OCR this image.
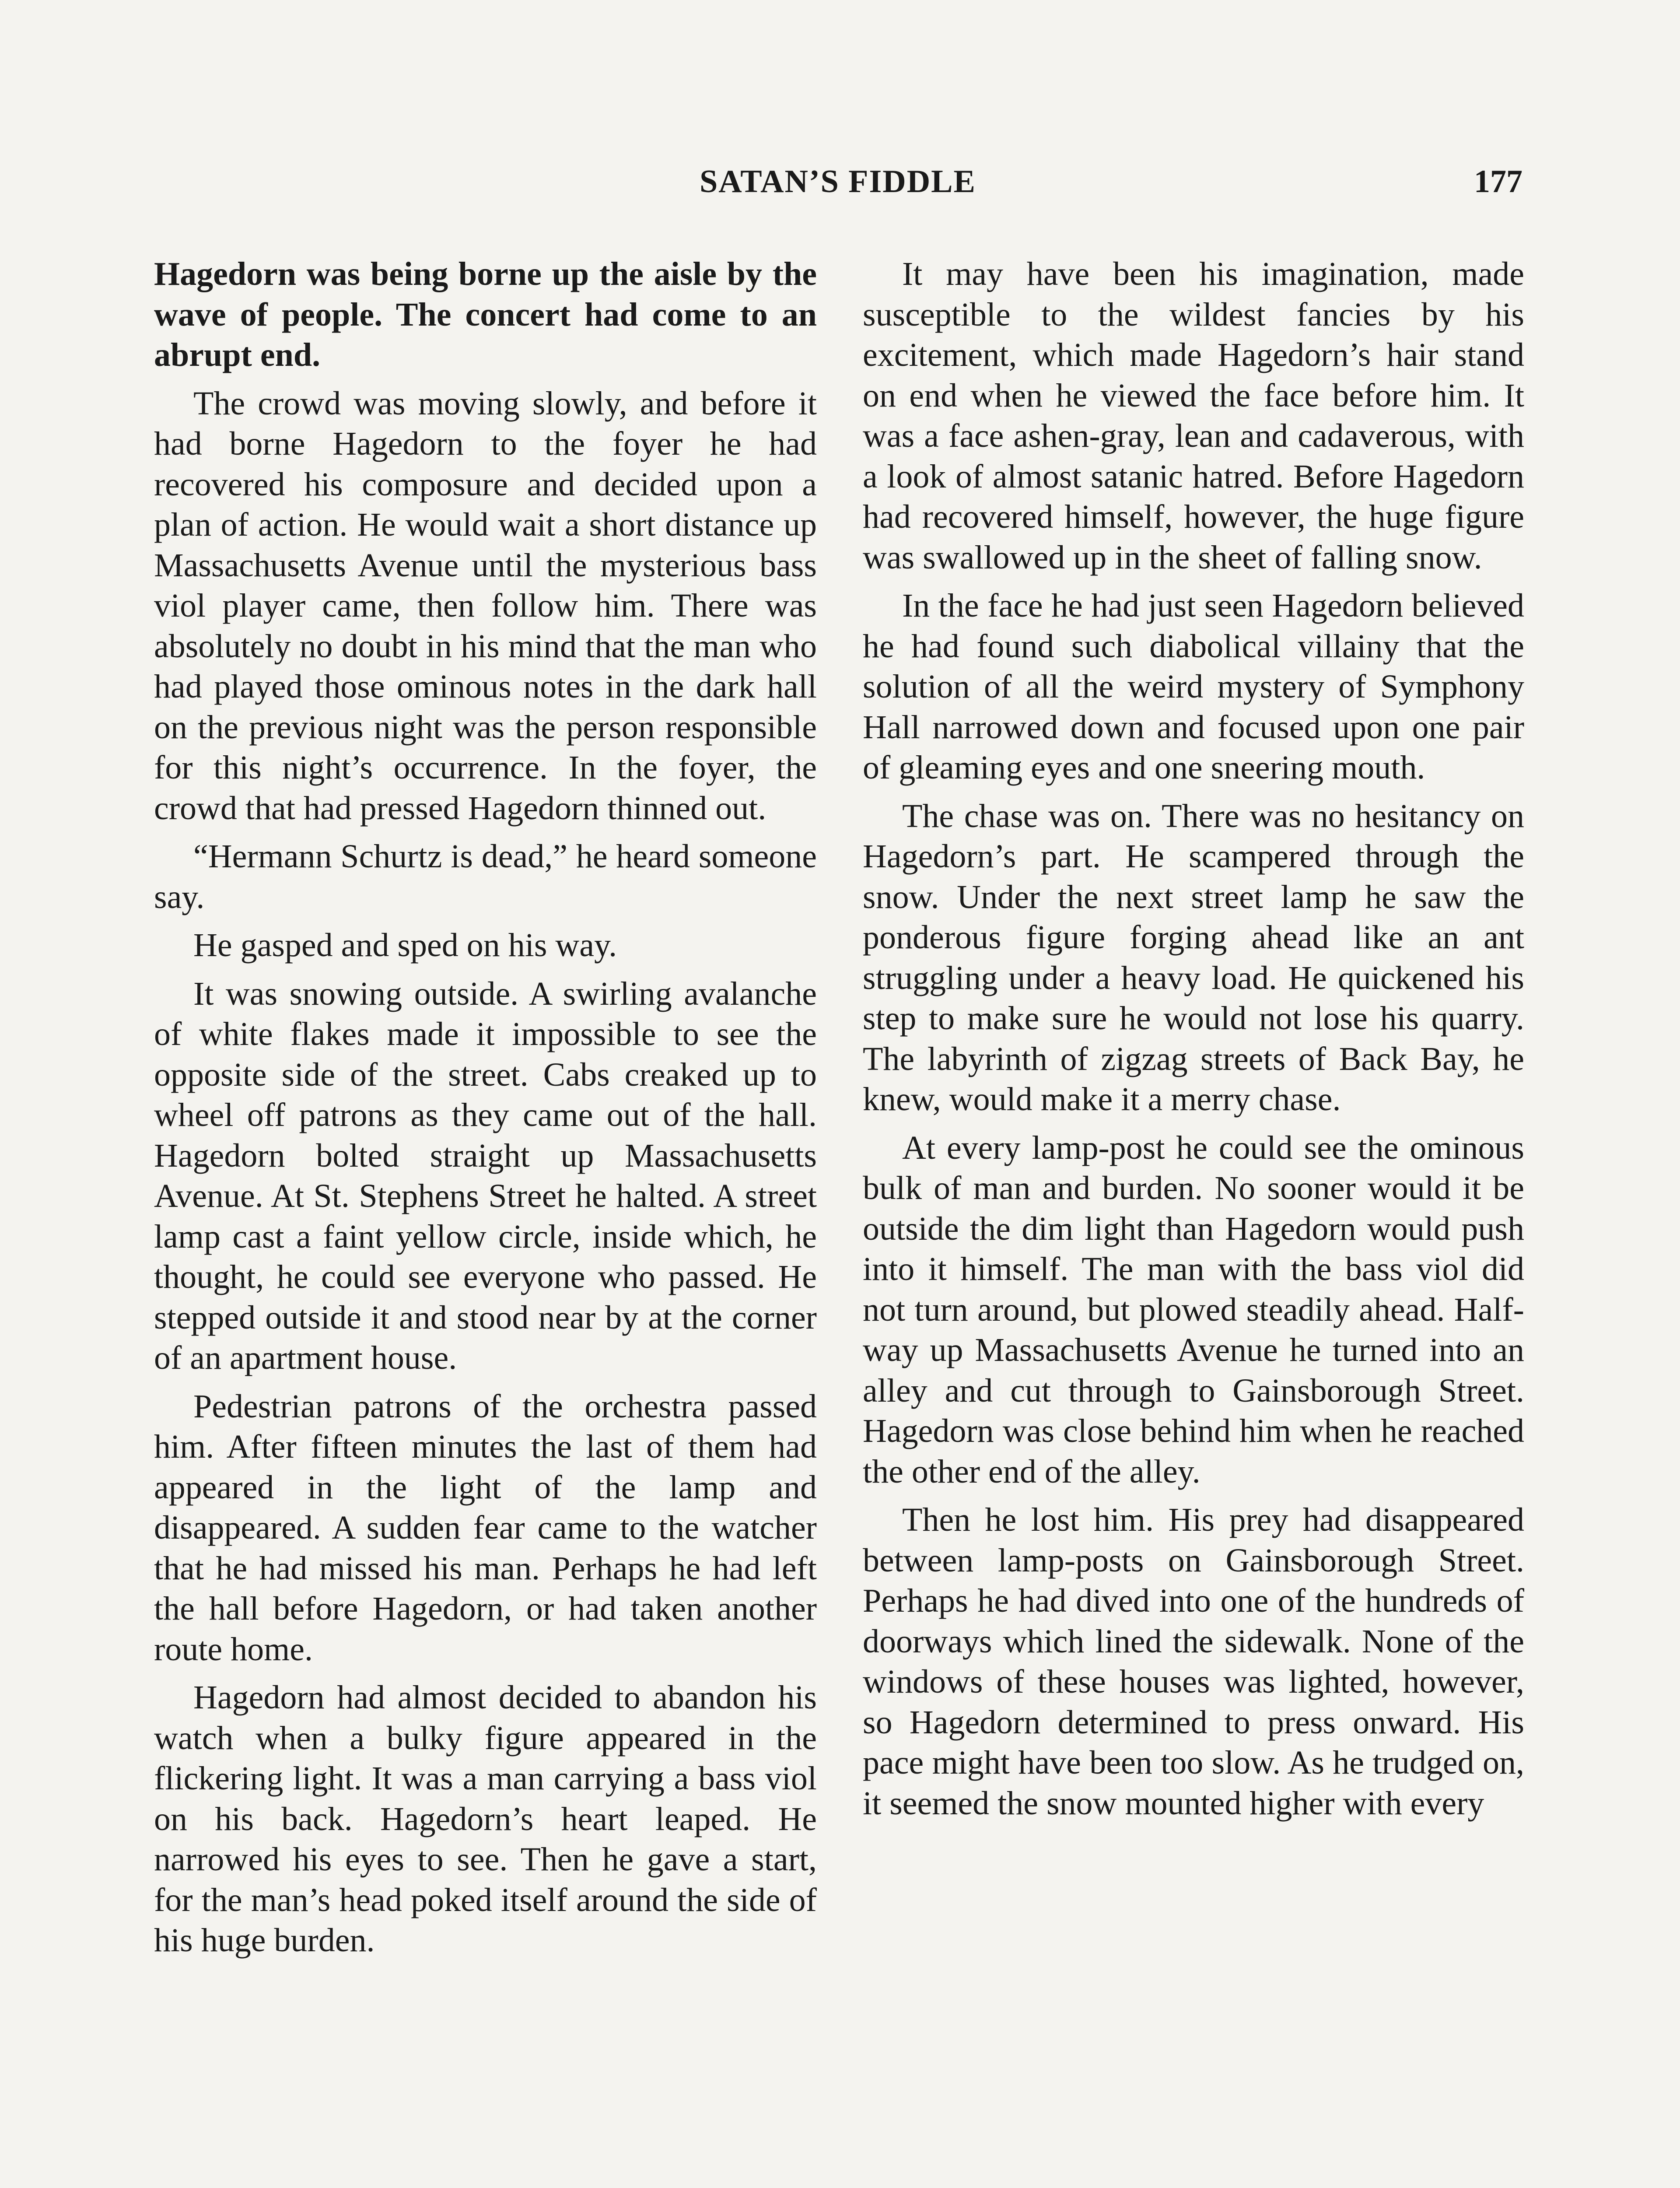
SATAN’S FIDDLE	177

Hagedorn was being borne up the aisle by the wave of people. The concert had come to an abrupt end.

The crowd was moving slowly, and before it had borne Hagedorn to the foyer he had recovered his composure and decided upon a plan of action. He would wait a short distance up Massachusetts Avenue until the mysterious bass viol player came, then follow him. There was absolutely no doubt in his mind that the man who had played those ominous notes in the dark hall on the previous night was the person responsible for this night’s occurrence. In the foyer, the crowd that had pressed Hagedorn thinned out.

“Hermann Schurtz is dead,” he heard someone say.

He gasped and sped on his way.

It was snowing outside. A swirling avalanche of white flakes made it impossible to see the opposite side of the street. Cabs creaked up to wheel off patrons as they came out of the hall. Hagedorn bolted straight up Massachusetts Avenue. At St. Stephens Street he halted. A street lamp cast a faint yellow circle, inside which, he thought, he could see everyone who passed. He stepped outside it and stood near by at the corner of an apartment house.

Pedestrian patrons of the orchestra passed him. After fifteen minutes the last of them had appeared in the light of the lamp and disappeared. A sudden fear came to the watcher that he had missed his man. Perhaps he had left the hall before Hagedorn, or had taken another route home.

Hagedorn had almost decided to abandon his watch when a bulky figure appeared in the flickering light. It was a man carrying a bass viol on his back. Hagedorn’s heart leaped. He narrowed his eyes to see. Then he gave a start, for the man’s head poked itself around the side of his huge burden.

It may have been his imagination, made susceptible to the wildest fancies by his excitement, which made Hagedorn’s hair stand on end when he viewed the face before him. It was a face ashen-gray, lean and cadaverous, with a look of almost satanic hatred. Before Hagedorn had recovered himself, however, the huge figure was swallowed up in the sheet of falling snow.

In the face he had just seen Hagedorn believed he had found such diabolical villainy that the solution of all the weird mystery of Symphony Hall narrowed down and focused upon one pair of gleaming eyes and one sneering mouth.

The chase was on. There was no hesitancy on Hagedorn’s part. He scampered through the snow. Under the next street lamp he saw the ponderous figure forging ahead like an ant struggling under a heavy load. He quickened his step to make sure he would not lose his quarry. The labyrinth of zigzag streets of Back Bay, he knew, would make it a merry chase.

At every lamp-post he could see the ominous bulk of man and burden. No sooner would it be outside the dim light than Hagedorn would push into it himself. The man with the bass viol did not turn around, but plowed steadily ahead. Half-way up Massachusetts Avenue he turned into an alley and cut through to Gainsborough Street. Hagedorn was close behind him when he reached the other end of the alley.

Then he lost him. His prey had disappeared between lamp-posts on Gainsborough Street. Perhaps he had dived into one of the hundreds of doorways which lined the sidewalk. None of the windows of these houses was lighted, however, so Hagedorn determined to press onward. His pace might have been too slow. As he trudged on, it seemed the snow mounted higher with every
